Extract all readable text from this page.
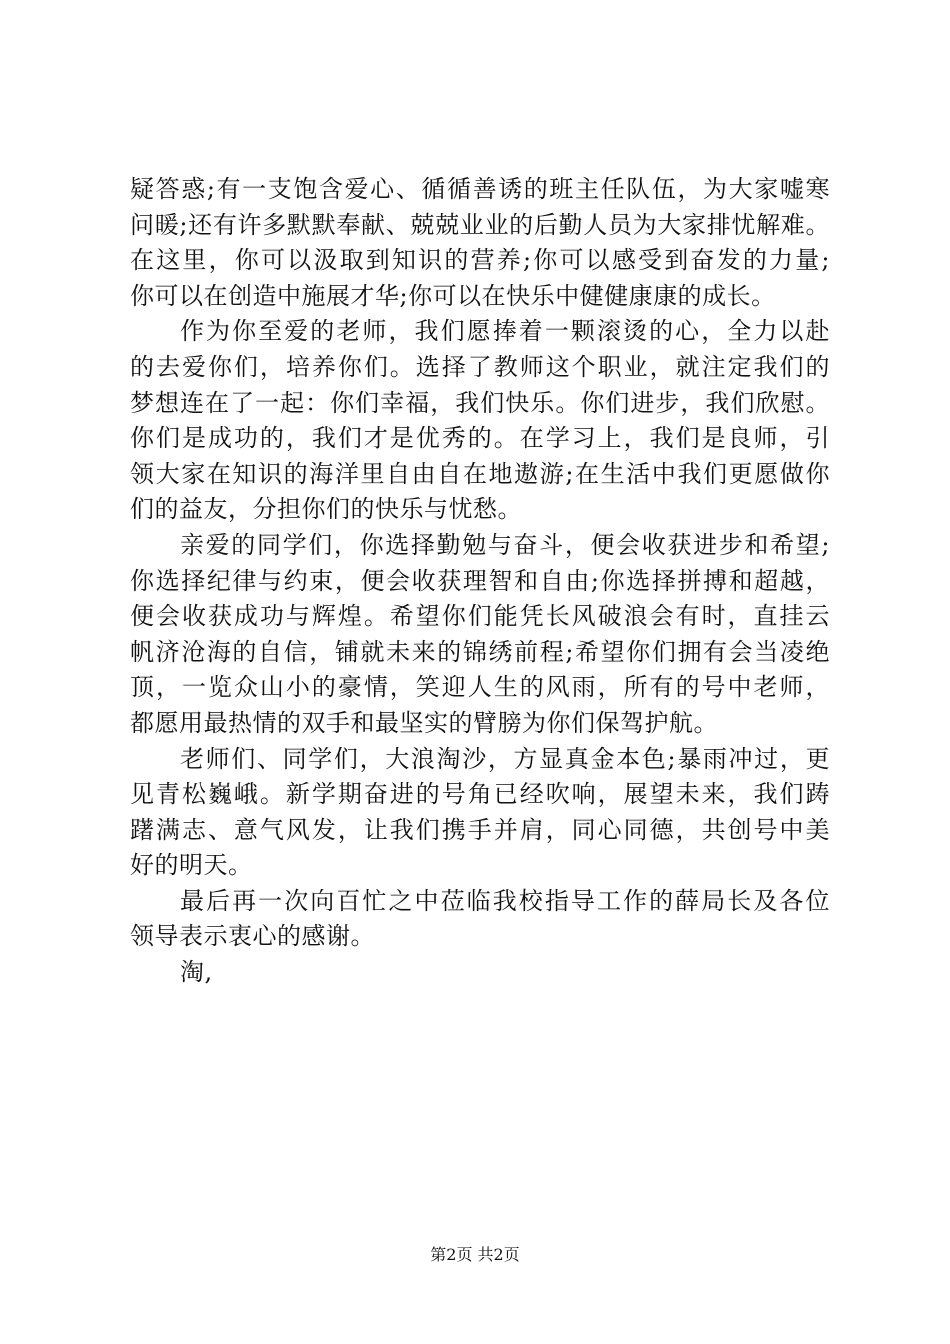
疑答惑;有一支饱含爱心、循循善诱的班主任队伍，为大家嘘寒
问暖;还有许多默默奉献、兢兢业业的后勤人员为大家排忧解难。
在这里，你可以汲取到知识的营养;你可以感受到奋发的力量;
你可以在创造中施展才华;你可以在快乐中健健康康的成长。
作为你至爱的老师，我们愿捧着一颗滚烫的心，全力以赴
的去爱你们，培养你们。选择了教师这个职业，就注定我们的
梦想连在了一起：你们幸福，我们快乐。你们进步，我们欣慰。
你们是成功的，我们才是优秀的。在学习上，我们是良师，引
领大家在知识的海洋里自由自在地遨游;在生活中我们更愿做你
们的益友，分担你们的快乐与忧愁。
亲爱的同学们，你选择勤勉与奋斗，便会收获进步和希望;
你选择纪律与约束，便会收获理智和自由;你选择拼搏和超越，
便会收获成功与辉煌。希望你们能凭长风破浪会有时，直挂云
帆济沧海的自信，铺就未来的锦绣前程;希望你们拥有会当凌绝
顶，一览众山小的豪情，笑迎人生的风雨，所有的号中老师，
都愿用最热情的双手和最坚实的臂膀为你们保驾护航。
老师们、同学们，大浪淘沙，方显真金本色;暴雨冲过，更
见青松巍峨。新学期奋进的号角已经吹响，展望未来，我们踌
躇满志、意气风发，让我们携手并肩，同心同德，共创号中美
好的明天。
最后再一次向百忙之中莅临我校指导工作的薛局长及各位
领导表示衷心的感谢。
淘,
第2页 共2页
